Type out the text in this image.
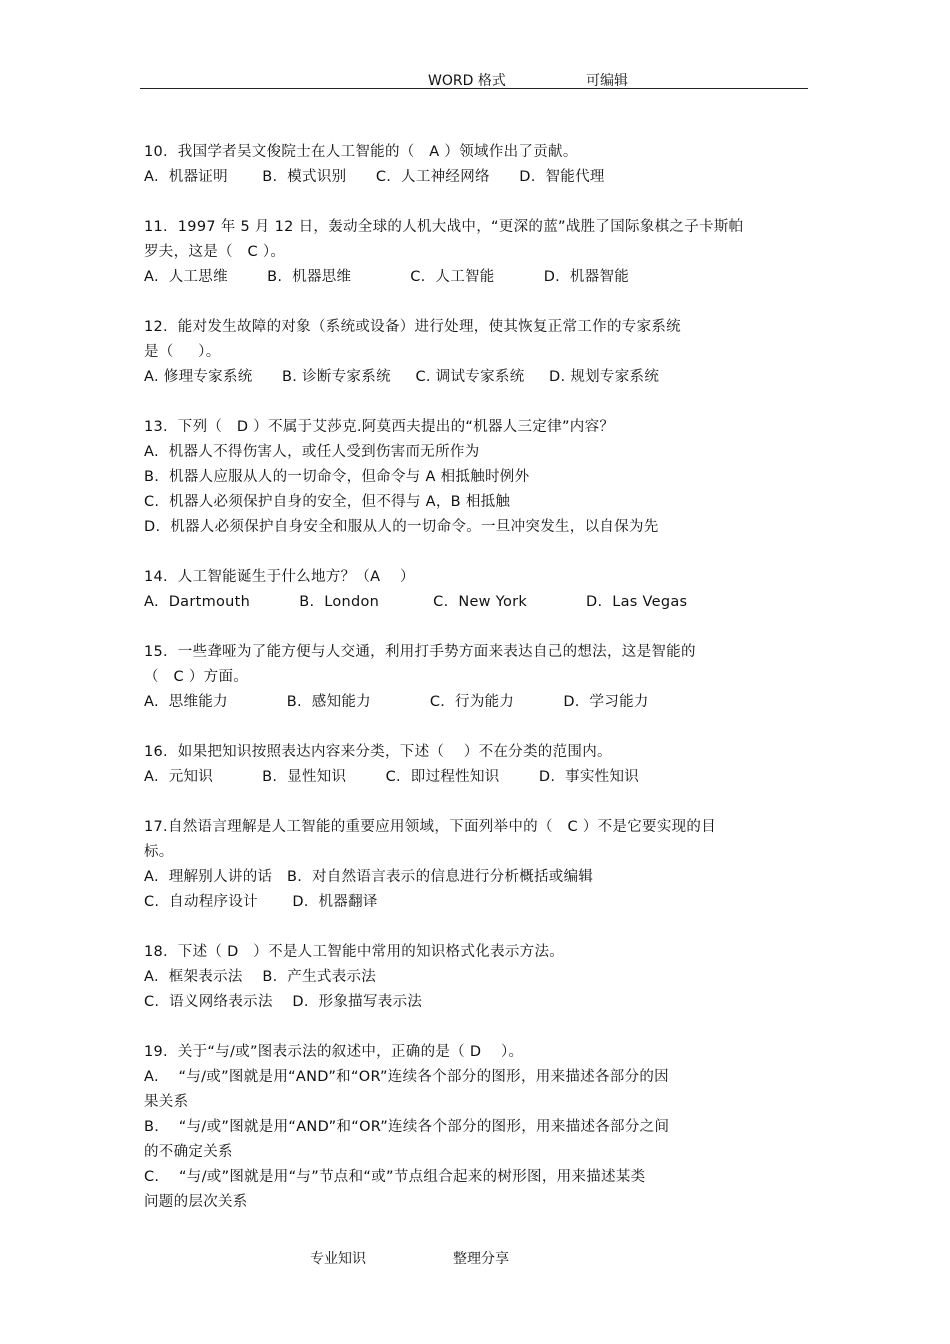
WORD 格式	可编辑
10.  我国学者吴文俊院士在人工智能的（   A ）领域作出了贡献。
A.  机器证明       B.  模式识别      C.  人工神经网络      D.  智能代理
11.  1997 年 5 月 12 日，轰动全球的人机大战中，“更深的蓝”战胜了国际象棋之子卡斯帕
罗夫，这是（   C ）。
A.  人工思维        B.  机器思维            C.  人工智能          D.  机器智能
12.  能对发生故障的对象（系统或设备）进行处理，使其恢复正常工作的专家系统
是（     ）。
A. 修理专家系统      B. 诊断专家系统     C. 调试专家系统     D. 规划专家系统
13.  下列（   D ）不属于艾莎克.阿莫西夫提出的“机器人三定律”内容？
A.  机器人不得伤害人，或任人受到伤害而无所作为
B.  机器人应服从人的一切命令，但命令与 A 相抵触时例外
C.  机器人必须保护自身的安全，但不得与 A，B 相抵触
D.  机器人必须保护自身安全和服从人的一切命令。一旦冲突发生，以自保为先
14.  人工智能诞生于什么地方？（A    ）
A.  Dartmouth          B.  London           C.  New York            D.  Las Vegas
15.  一些聋哑为了能方便与人交通，利用打手势方面来表达自己的想法，这是智能的
（   C ）方面。
A.  思维能力            B.  感知能力            C.  行为能力          D.  学习能力
16.  如果把知识按照表达内容来分类，下述（    ）不在分类的范围内。
A.  元知识          B.  显性知识        C.  即过程性知识        D.  事实性知识
17.自然语言理解是人工智能的重要应用领域，下面列举中的（   C ）不是它要实现的目
标。
A.  理解别人讲的话   B.  对自然语言表示的信息进行分析概括或编辑
C.  自动程序设计       D.  机器翻译
18.  下述（ D   ）不是人工智能中常用的知识格式化表示方法。
A.  框架表示法    B.  产生式表示法
C.  语义网络表示法    D.  形象描写表示法
19.  关于“与/或”图表示法的叙述中，正确的是（ D    ）。
A.    “与/或”图就是用“AND”和“OR”连续各个部分的图形，用来描述各部分的因
果关系
B.    “与/或”图就是用“AND”和“OR”连续各个部分的图形，用来描述各部分之间
的不确定关系
C.    “与/或”图就是用“与”节点和“或”节点组合起来的树形图，用来描述某类
问题的层次关系
专业知识	整理分享
